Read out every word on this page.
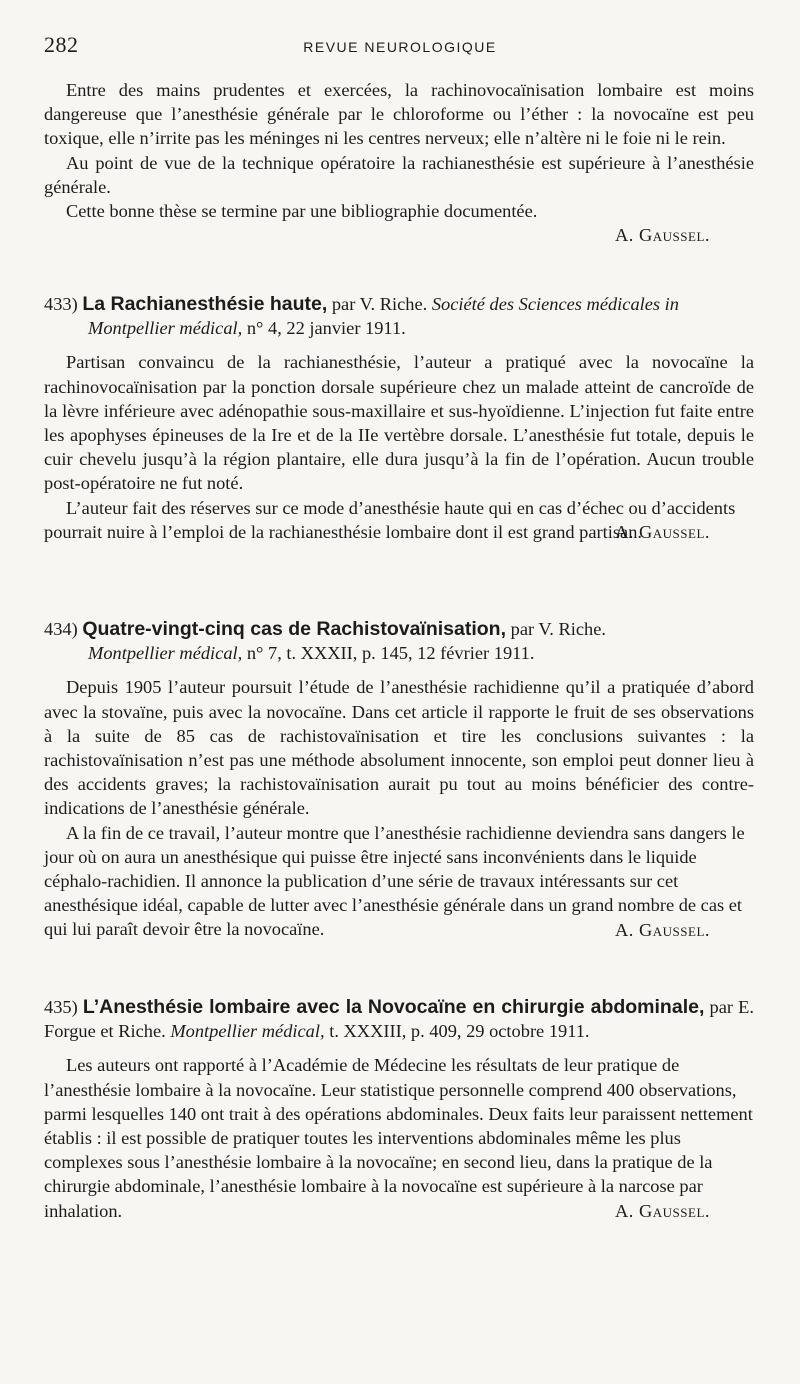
282	REVUE NEUROLOGIQUE

Entre des mains prudentes et exercées, la rachinovocaïnisation lombaire est moins dangereuse que l’anesthésie générale par le chloroforme ou l’éther : la novocaïne est peu toxique, elle n’irrite pas les méninges ni les centres nerveux; elle n’altère ni le foie ni le rein.

Au point de vue de la technique opératoire la rachianesthésie est supérieure à l’anesthésie générale.

Cette bonne thèse se termine par une bibliographie documentée.

A. Gaussel.

433) La Rachianesthésie haute, par V. Riche. Société des Sciences médicales in
Montpellier médical, n° 4, 22 janvier 1911.

Partisan convaincu de la rachianesthésie, l’auteur a pratiqué avec la novocaïne la rachinovocaïnisation par la ponction dorsale supérieure chez un malade atteint de cancroïde de la lèvre inférieure avec adénopathie sous-maxillaire et sus-hyoïdienne. L’injection fut faite entre les apophyses épineuses de la Ire et de la IIe vertèbre dorsale. L’anesthésie fut totale, depuis le cuir chevelu jusqu’à la région plantaire, elle dura jusqu’à la fin de l’opération. Aucun trouble post-opératoire ne fut noté.

L’auteur fait des réserves sur ce mode d’anesthésie haute qui en cas d’échec ou d’accidents pourrait nuire à l’emploi de la rachianesthésie lombaire dont il est grand partisan.

A. Gaussel.

434) Quatre-vingt-cinq cas de Rachistovaïnisation, par V. Riche.
Montpellier médical, n° 7, t. XXXII, p. 145, 12 février 1911.

Depuis 1905 l’auteur poursuit l’étude de l’anesthésie rachidienne qu’il a pratiquée d’abord avec la stovaïne, puis avec la novocaïne. Dans cet article il rapporte le fruit de ses observations à la suite de 85 cas de rachistovaïnisation et tire les conclusions suivantes : la rachistovaïnisation n’est pas une méthode absolument innocente, son emploi peut donner lieu à des accidents graves; la rachistovaïnisation aurait pu tout au moins bénéficier des contre-indications de l’anesthésie générale.

A la fin de ce travail, l’auteur montre que l’anesthésie rachidienne deviendra sans dangers le jour où on aura un anesthésique qui puisse être injecté sans inconvénients dans le liquide céphalo-rachidien. Il annonce la publication d’une série de travaux intéressants sur cet anesthésique idéal, capable de lutter avec l’anesthésie générale dans un grand nombre de cas et qui lui paraît devoir être la novocaïne.	A. Gaussel.

435) L’Anesthésie lombaire avec la Novocaïne en chirurgie abdominale, par E. Forgue et Riche. Montpellier médical, t. XXXIII, p. 409, 29 octobre 1911.

Les auteurs ont rapporté à l’Académie de Médecine les résultats de leur pratique de l’anesthésie lombaire à la novocaïne. Leur statistique personnelle comprend 400 observations, parmi lesquelles 140 ont trait à des opérations abdominales. Deux faits leur paraissent nettement établis : il est possible de pratiquer toutes les interventions abdominales même les plus complexes sous l’anesthésie lombaire à la novocaïne; en second lieu, dans la pratique de la chirurgie abdominale, l’anesthésie lombaire à la novocaïne est supérieure à la narcose par inhalation.	A. Gaussel.
